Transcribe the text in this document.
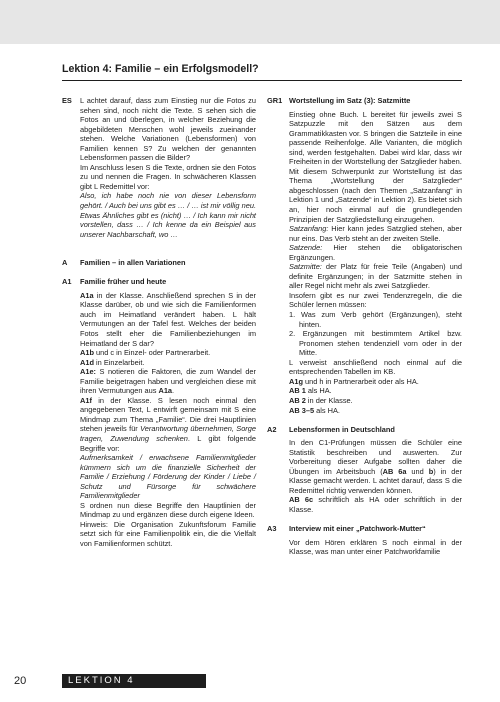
Lektion 4: Familie – ein Erfolgsmodell?
ES L achtet darauf, dass zum Einstieg nur die Fotos zu sehen sind, noch nicht die Texte. S sehen sich die Fotos an und überlegen, in welcher Beziehung die abgebildeten Menschen wohl jeweils zueinander stehen. Welche Variationen (Lebensformen) von Familien kennen S? Zu welchen der genannten Lebensformen passen die Bilder?
Im Anschluss lesen S die Texte, ordnen sie den Fotos zu und nennen die Fragen. In schwächeren Klassen gibt L Redemittel vor:
Also, ich habe noch nie von dieser Lebensform gehört. / Auch bei uns gibt es … / … ist mir völlig neu. Etwas Ähnliches gibt es (nicht) … / Ich kann mir nicht vorstellen, dass … / Ich kenne da ein Beispiel aus unserer Nachbarschaft, wo …
A Familien – in allen Variationen
A1 Familie früher und heute
A1a in der Klasse. Anschließend sprechen S in der Klasse darüber, ob und wie sich die Familienformen auch im Heimatland verändert haben. L hält Vermutungen an der Tafel fest. Welches der beiden Fotos stellt eher die Familienbeziehungen im Heimatland der S dar?
A1b und c in Einzel- oder Partnerarbeit.
A1d in Einzelarbeit.
A1e: S notieren die Faktoren, die zum Wandel der Familie beigetragen haben und vergleichen diese mit ihren Vermutungen aus A1a.
A1f in der Klasse. S lesen noch einmal den angegebenen Text, L entwirft gemeinsam mit S eine Mindmap zum Thema „Familie“. Die drei Hauptlinien stehen jeweils für Verantwortung übernehmen, Sorge tragen, Zuwendung schenken. L gibt folgende Begriffe vor:
Aufmerksamkeit / erwachsene Familienmitglieder kümmern sich um die finanzielle Sicherheit der Familie / Erziehung / Förderung der Kinder / Liebe / Schutz und Fürsorge für schwächere Familienmitglieder
S ordnen nun diese Begriffe den Hauptlinien der Mindmap zu und ergänzen diese durch eigene Ideen.
Hinweis: Die Organisation Zukunftsforum Familie setzt sich für eine Familienpolitik ein, die die Vielfalt von Familienformen schützt.
GR1 Wortstellung im Satz (3): Satzmitte
Einstieg ohne Buch. L bereitet für jeweils zwei S Satzpuzzle mit den Sätzen aus dem Grammatikkasten vor. S bringen die Satzteile in eine passende Reihenfolge. Alle Varianten, die möglich sind, werden festgehalten. Dabei wird klar, dass wir Freiheiten in der Wortstellung der Satzglieder haben.
Mit diesem Schwerpunkt zur Wortstellung ist das Thema „Wortstellung der Satzglieder“ abgeschlossen (nach den Themen „Satzanfang“ in Lektion 1 und „Satzende“ in Lektion 2). Es bietet sich an, hier noch einmal auf die grundlegenden Prinzipien der Satzgliedstellung einzugehen.
Satzanfang: Hier kann jedes Satzglied stehen, aber nur eins. Das Verb steht an der zweiten Stelle.
Satzende: Hier stehen die obligatorischen Ergänzungen.
Satzmitte: der Platz für freie Teile (Angaben) und definite Ergänzungen; in der Satzmitte stehen in aller Regel nicht mehr als zwei Satzglieder.
Insofern gibt es nur zwei Tendenzregeln, die die Schüler lernen müssen:
1. Was zum Verb gehört (Ergänzungen), steht hinten.
2. Ergänzungen mit bestimmtem Artikel bzw. Pronomen stehen tendenziell vorn oder in der Mitte.
L verweist anschließend noch einmal auf die entsprechenden Tabellen im KB.
A1g und h in Partnerarbeit oder als HA.
AB 1 als HA.
AB 2 in der Klasse.
AB 3–5 als HA.
A2 Lebensformen in Deutschland
In den C1-Prüfungen müssen die Schüler eine Statistik beschreiben und auswerten. Zur Vorbereitung dieser Aufgabe sollten daher die Übungen im Arbeitsbuch (AB 6a und b) in der Klasse gemacht werden. L achtet darauf, dass S die Redemittel richtig verwenden können.
AB 6c schriftlich als HA oder schriftlich in der Klasse.
A3 Interview mit einer „Patchwork-Mutter“
Vor dem Hören erklären S noch einmal in der Klasse, was man unter einer Patchworkfamilie
20	LEKTION 4
